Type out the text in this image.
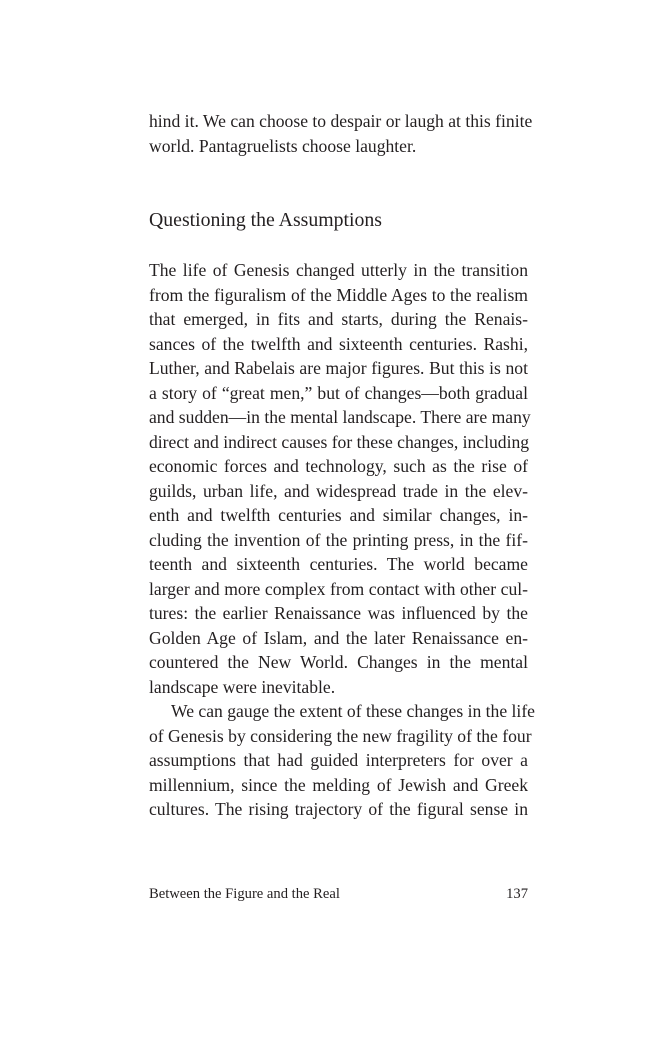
hind it. We can choose to despair or laugh at this finite
world. Pantagruelists choose laughter.
Questioning the Assumptions
The life of Genesis changed utterly in the transition
from the figuralism of the Middle Ages to the realism
that emerged, in fits and starts, during the Renais-
sances of the twelfth and sixteenth centuries. Rashi,
Luther, and Rabelais are major figures. But this is not
a story of “great men,” but of changes—both gradual
and sudden—in the mental landscape. There are many
direct and indirect causes for these changes, including
economic forces and technology, such as the rise of
guilds, urban life, and widespread trade in the elev-
enth and twelfth centuries and similar changes, in-
cluding the invention of the printing press, in the fif-
teenth and sixteenth centuries. The world became
larger and more complex from contact with other cul-
tures: the earlier Renaissance was influenced by the
Golden Age of Islam, and the later Renaissance en-
countered the New World. Changes in the mental
landscape were inevitable.
We can gauge the extent of these changes in the life
of Genesis by considering the new fragility of the four
assumptions that had guided interpreters for over a
millennium, since the melding of Jewish and Greek
cultures. The rising trajectory of the figural sense in
Between the Figure and the Real	137
